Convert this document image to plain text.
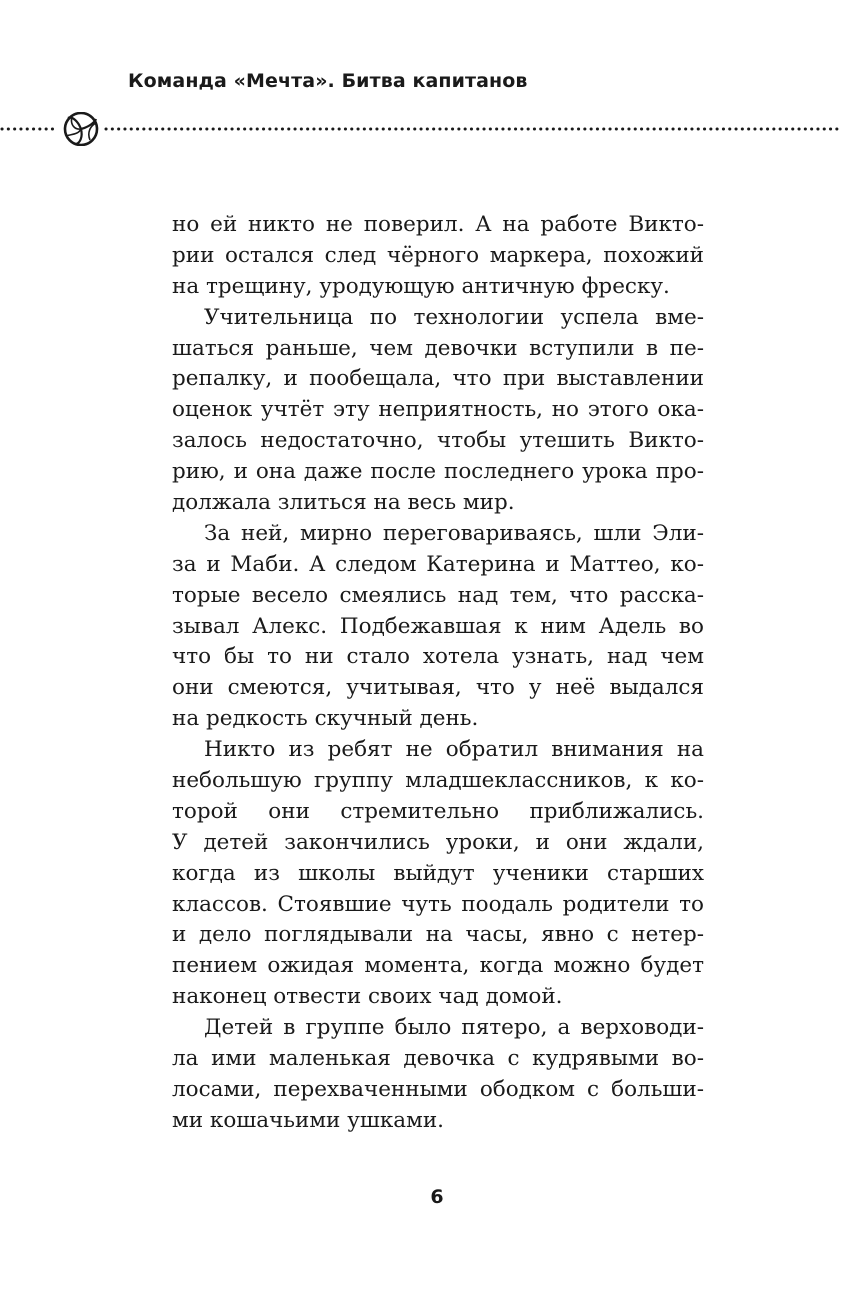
Команда «Мечта». Битва капитанов
но ей никто не поверил. А на работе Викто-
рии остался след чёрного маркера, похожий
на трещину, уродующую античную фреску.
Учительница по технологии успела вме-
шаться раньше, чем девочки вступили в пе-
репалку, и пообещала, что при выставлении
оценок учтёт эту неприятность, но этого ока-
залось недостаточно, чтобы утешить Викто-
рию, и она даже после последнего урока про-
должала злиться на весь мир.
За ней, мирно переговариваясь, шли Эли-
за и Маби. А следом Катерина и Маттео, ко-
торые весело смеялись над тем, что расска-
зывал Алекс. Подбежавшая к ним Адель во
что бы то ни стало хотела узнать, над чем
они смеются, учитывая, что у неё выдался
на редкость скучный день.
Никто из ребят не обратил внимания на
небольшую группу младшеклассников, к ко-
торой они стремительно приближались.
У детей закончились уроки, и они ждали,
когда из школы выйдут ученики старших
классов. Стоявшие чуть поодаль родители то
и дело поглядывали на часы, явно с нетер-
пением ожидая момента, когда можно будет
наконец отвести своих чад домой.
Детей в группе было пятеро, а верховоди-
ла ими маленькая девочка с кудрявыми во-
лосами, перехваченными ободком с больши-
ми кошачьими ушками.
6
